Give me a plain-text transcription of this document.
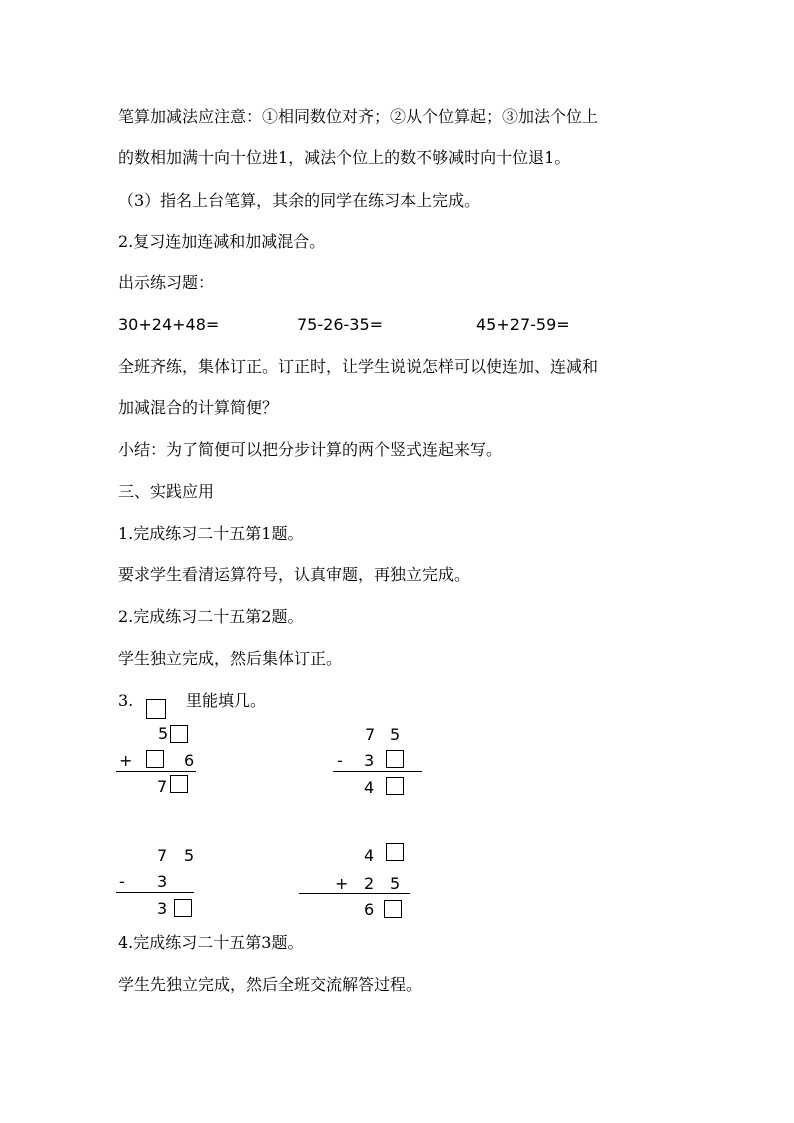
笔算加减法应注意：①相同数位对齐；②从个位算起；③加法个位上
的数相加满十向十位进1，减法个位上的数不够减时向十位退1。
（3）指名上台笔算，其余的同学在练习本上完成。
2.复习连加连减和加减混合。
出示练习题：
30+24+48=	75-26-35=	45+27-59=
全班齐练，集体订正。订正时，让学生说说怎样可以使连加、连减和
加减混合的计算简便？
小结：为了简便可以把分步计算的两个竖式连起来写。
三、实践应用
1.完成练习二十五第1题。
要求学生看清运算符号，认真审题，再独立完成。
2.完成练习二十五第2题。
学生独立完成，然后集体订正。
3.	里能填几。
5
+	6
7
7 5
- 3
4
7 5
- 3
3
4
+ 2 5
6
4.完成练习二十五第3题。
学生先独立完成，然后全班交流解答过程。
